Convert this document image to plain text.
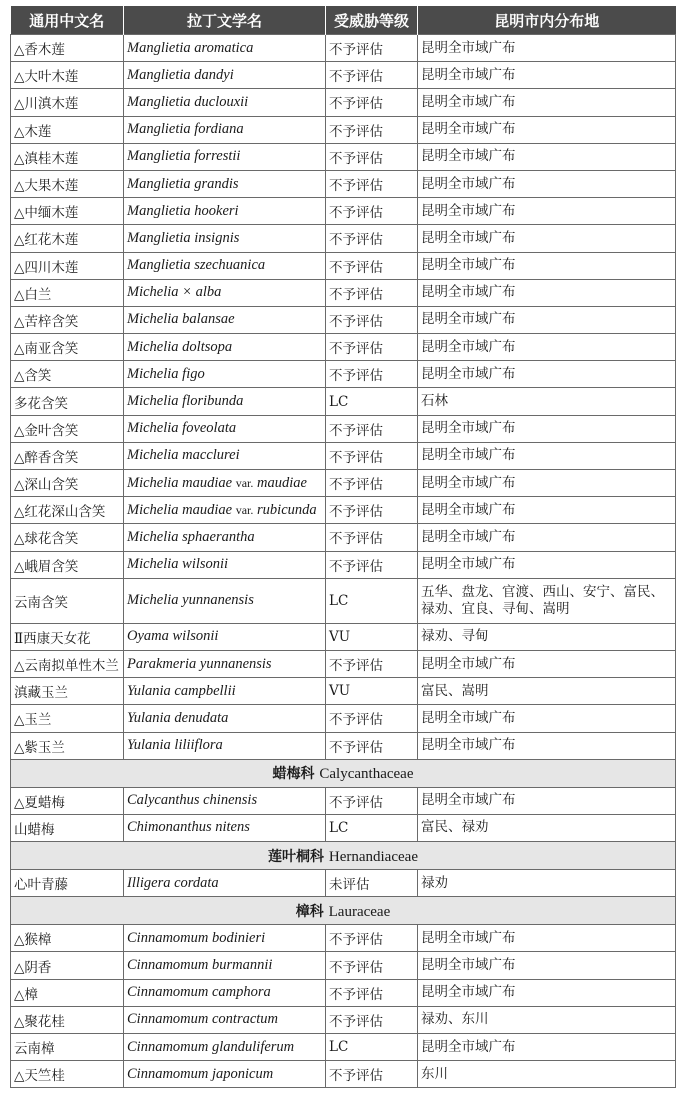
通用中文名	拉丁文学名	受威胁等级	昆明市内分布地
△香木莲	Manglietia aromatica	不予评估	昆明全市域广布
△大叶木莲	Manglietia dandyi	不予评估	昆明全市域广布
△川滇木莲	Manglietia duclouxii	不予评估	昆明全市域广布
△木莲	Manglietia fordiana	不予评估	昆明全市域广布
△滇桂木莲	Manglietia forrestii	不予评估	昆明全市域广布
△大果木莲	Manglietia grandis	不予评估	昆明全市域广布
△中缅木莲	Manglietia hookeri	不予评估	昆明全市域广布
△红花木莲	Manglietia insignis	不予评估	昆明全市域广布
△四川木莲	Manglietia szechuanica	不予评估	昆明全市域广布
△白兰	Michelia × alba	不予评估	昆明全市域广布
△苦梓含笑	Michelia balansae	不予评估	昆明全市域广布
△南亚含笑	Michelia doltsopa	不予评估	昆明全市域广布
△含笑	Michelia figo	不予评估	昆明全市域广布
多花含笑	Michelia floribunda	LC	石林
△金叶含笑	Michelia foveolata	不予评估	昆明全市域广布
△醉香含笑	Michelia macclurei	不予评估	昆明全市域广布
△深山含笑	Michelia maudiae var. maudiae	不予评估	昆明全市域广布
△红花深山含笑	Michelia maudiae var. rubicunda	不予评估	昆明全市域广布
△球花含笑	Michelia sphaerantha	不予评估	昆明全市域广布
△峨眉含笑	Michelia wilsonii	不予评估	昆明全市域广布
云南含笑	Michelia yunnanensis	LC	五华、盘龙、官渡、西山、安宁、富民、禄劝、宜良、寻甸、嵩明
Ⅱ西康天女花	Oyama wilsonii	VU	禄劝、寻甸
△云南拟单性木兰	Parakmeria yunnanensis	不予评估	昆明全市域广布
滇藏玉兰	Yulania campbellii	VU	富民、嵩明
△玉兰	Yulania denudata	不予评估	昆明全市域广布
△紫玉兰	Yulania liliiflora	不予评估	昆明全市域广布
蜡梅科 Calycanthaceae			
△夏蜡梅	Calycanthus chinensis	不予评估	昆明全市域广布
山蜡梅	Chimonanthus nitens	LC	富民、禄劝
莲叶桐科 Hernandiaceae			
心叶青藤	Illigera cordata	未评估	禄劝
樟科 Lauraceae			
△猴樟	Cinnamomum bodinieri	不予评估	昆明全市域广布
△阴香	Cinnamomum burmannii	不予评估	昆明全市域广布
△樟	Cinnamomum camphora	不予评估	昆明全市域广布
△聚花桂	Cinnamomum contractum	不予评估	禄劝、东川
云南樟	Cinnamomum glanduliferum	LC	昆明全市域广布
△天竺桂	Cinnamomum japonicum	不予评估	东川
